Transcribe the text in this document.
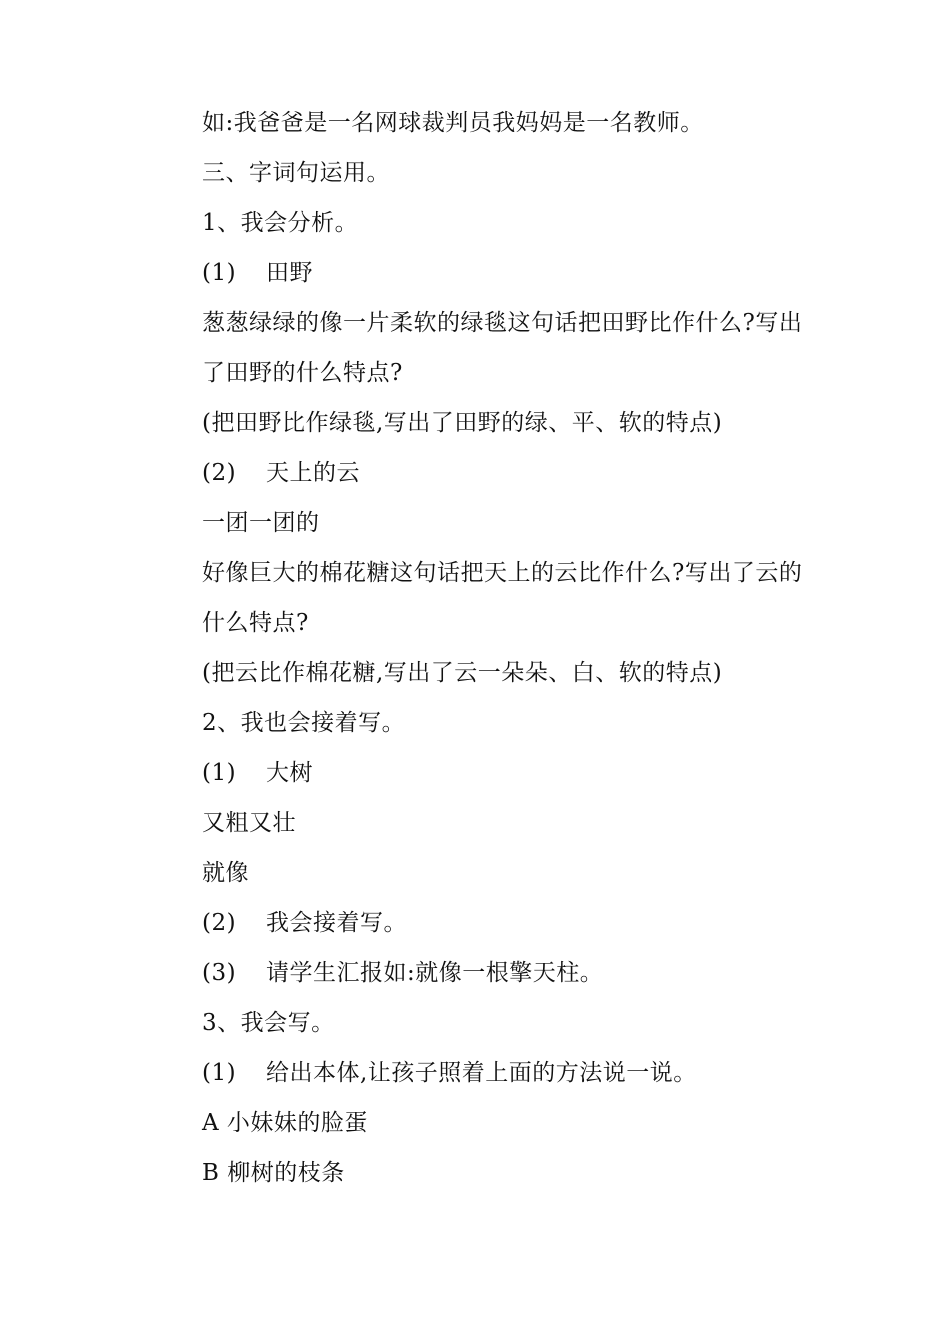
如:我爸爸是一名网球裁判员我妈妈是一名教师。
三、字词句运用。
1、我会分析。
(1) 田野
葱葱绿绿的像一片柔软的绿毯这句话把田野比作什么?写出
了田野的什么特点?
(把田野比作绿毯,写出了田野的绿、平、软的特点)
(2) 天上的云
一团一团的
好像巨大的棉花糖这句话把天上的云比作什么?写出了云的
什么特点?
(把云比作棉花糖,写出了云一朵朵、白、软的特点)
2、我也会接着写。
(1) 大树
又粗又壮
就像
(2) 我会接着写。
(3) 请学生汇报如:就像一根擎天柱。
3、我会写。
(1) 给出本体,让孩子照着上面的方法说一说。
A 小妹妹的脸蛋
B 柳树的枝条
